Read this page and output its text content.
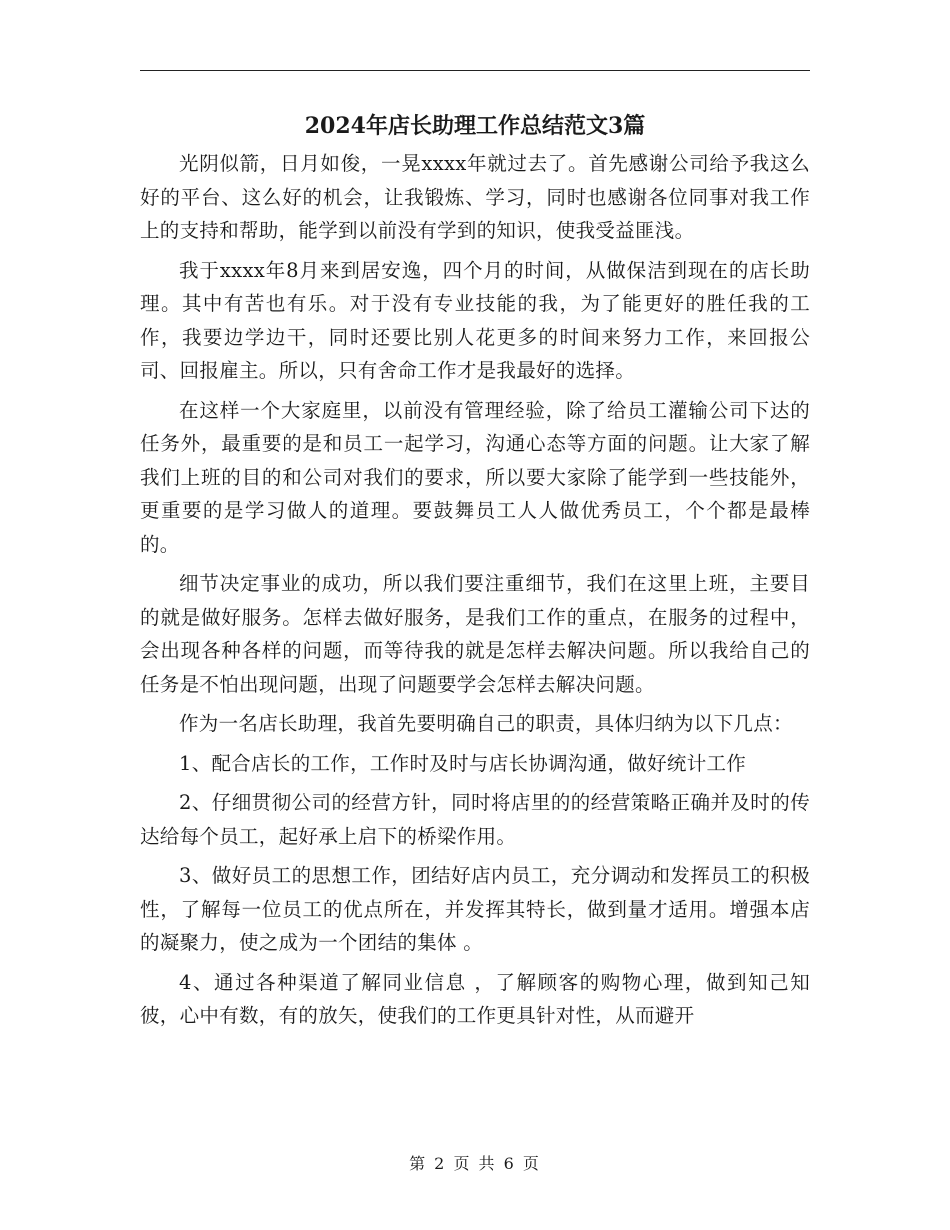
2024年店长助理工作总结范文3篇

光阴似箭，日月如俊，一晃xxxx年就过去了。首先感谢公司给予我这么好的平台、这么好的机会，让我锻炼、学习，同时也感谢各位同事对我工作上的支持和帮助，能学到以前没有学到的知识，使我受益匪浅。

我于xxxx年8月来到居安逸，四个月的时间，从做保洁到现在的店长助理。其中有苦也有乐。对于没有专业技能的我，为了能更好的胜任我的工作，我要边学边干，同时还要比别人花更多的时间来努力工作，来回报公司、回报雇主。所以，只有舍命工作才是我最好的选择。

在这样一个大家庭里，以前没有管理经验，除了给员工灌输公司下达的任务外，最重要的是和员工一起学习，沟通心态等方面的问题。让大家了解我们上班的目的和公司对我们的要求，所以要大家除了能学到一些技能外，更重要的是学习做人的道理。要鼓舞员工人人做优秀员工，个个都是最棒的。

细节决定事业的成功，所以我们要注重细节，我们在这里上班，主要目的就是做好服务。怎样去做好服务，是我们工作的重点，在服务的过程中，会出现各种各样的问题，而等待我的就是怎样去解决问题。所以我给自己的任务是不怕出现问题，出现了问题要学会怎样去解决问题。

作为一名店长助理，我首先要明确自己的职责，具体归纳为以下几点：

1、配合店长的工作，工作时及时与店长协调沟通，做好统计工作

2、仔细贯彻公司的经营方针，同时将店里的的经营策略正确并及时的传达给每个员工，起好承上启下的桥梁作用。

3、做好员工的思想工作，团结好店内员工，充分调动和发挥员工的积极性，了解每一位员工的优点所在，并发挥其特长，做到量才适用。增强本店的凝聚力，使之成为一个团结的集体 。

4、通过各种渠道了解同业信息 ，了解顾客的购物心理，做到知己知彼，心中有数，有的放矢，使我们的工作更具针对性，从而避开

第 2 页 共 6 页
